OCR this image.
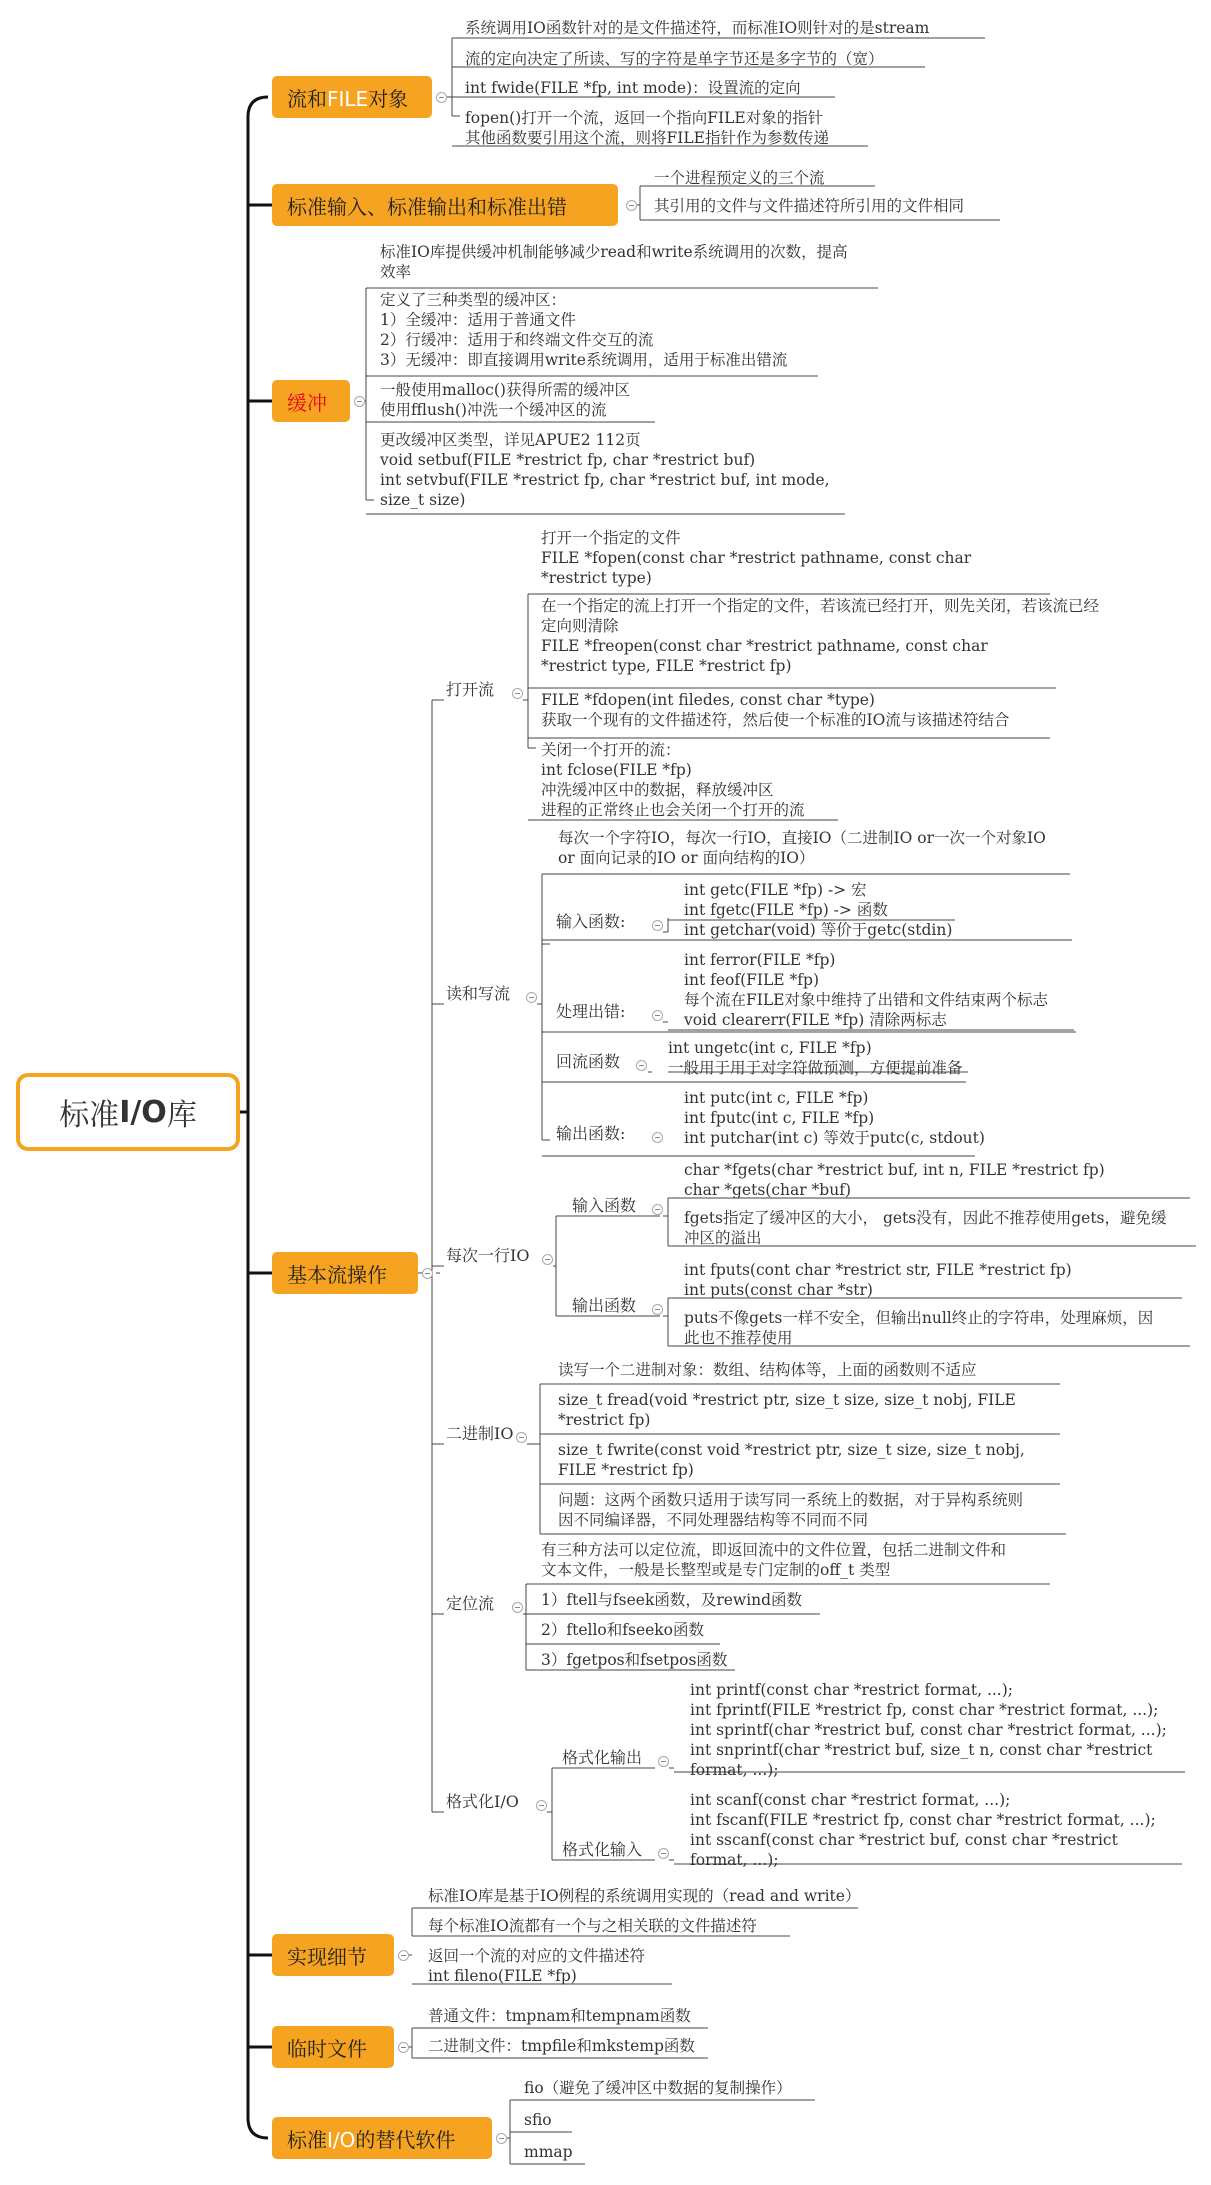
标准 I/O 库
流和FILE对象
标准输入、标准输出和标准出错
缓冲
基本流操作
实现细节
临时文件
标准I/O的替代软件
打开流
读和写流
每次一行IO
二进制IO
定位流
格式化I/O
输入函数:
处理出错:
回流函数
输出函数:
输入函数
输出函数
格式化输出
格式化输入

系统调用IO函数针对的是文件描述符，而标准IO则针对的是stream

流的定向决定了所读、写的字符是单字节还是多字节的（宽）

int fwide(FILE *fp, int mode)：设置流的定向

fopen()打开一个流，返回一个指向FILE对象的指针
其他函数要引用这个流，则将FILE指针作为参数传递

一个进程预定义的三个流

其引用的文件与文件描述符所引用的文件相同

标准IO库提供缓冲机制能够减少read和write系统调用的次数，提高
效率

定义了三种类型的缓冲区：
1）全缓冲：适用于普通文件
2）行缓冲：适用于和终端文件交互的流
3）无缓冲：即直接调用write系统调用，适用于标准出错流

一般使用malloc()获得所需的缓冲区
使用fflush()冲洗一个缓冲区的流

更改缓冲区类型，详见APUE2 112页
void setbuf(FILE *restrict fp, char *restrict buf)
int setvbuf(FILE *restrict fp, char *restrict buf, int mode,
size_t size)

打开一个指定的文件
FILE *fopen(const char *restrict pathname, const char
*restrict type)

在一个指定的流上打开一个指定的文件，若该流已经打开，则先关闭，若该流已经
定向则清除
FILE *freopen(const char *restrict pathname, const char
*restrict type, FILE *restrict fp)

FILE *fdopen(int filedes, const char *type)
获取一个现有的文件描述符，然后使一个标准的IO流与该描述符结合

关闭一个打开的流：
int fclose(FILE *fp)
冲洗缓冲区中的数据，释放缓冲区
进程的正常终止也会关闭一个打开的流

每次一个字符IO，每次一行IO，直接IO（二进制IO or一次一个对象IO
or 面向记录的IO or 面向结构的IO）

int getc(FILE *fp) -> 宏
int fgetc(FILE *fp) -> 函数
int getchar(void) 等价于getc(stdin)

int ferror(FILE *fp)
int feof(FILE *fp)
每个流在FILE对象中维持了出错和文件结束两个标志
void clearerr(FILE *fp) 清除两标志

int ungetc(int c, FILE *fp)
一般用于用于对字符做预测，方便提前准备

int putc(int c, FILE *fp)
int fputc(int c, FILE *fp)
int putchar(int c) 等效于putc(c, stdout)

char *fgets(char *restrict buf, int n, FILE *restrict fp)
char *gets(char *buf)

fgets指定了缓冲区的大小， gets没有，因此不推荐使用gets，避免缓
冲区的溢出

int fputs(cont char *restrict str, FILE *restrict fp)
int puts(const char *str)

puts不像gets一样不安全，但输出null终止的字符串，处理麻烦，因
此也不推荐使用

读写一个二进制对象：数组、结构体等，上面的函数则不适应

size_t fread(void *restrict ptr, size_t size, size_t nobj, FILE
*restrict fp)

size_t fwrite(const void *restrict ptr, size_t size, size_t nobj,
FILE *restrict fp)

问题：这两个函数只适用于读写同一系统上的数据，对于异构系统则
因不同编译器，不同处理器结构等不同而不同

有三种方法可以定位流，即返回流中的文件位置，包括二进制文件和
文本文件，一般是长整型或是专门定制的off_t 类型

1）ftell与fseek函数，及rewind函数

2）ftello和fseeko函数

3）fgetpos和fsetpos函数

int printf(const char *restrict format, ...);
int fprintf(FILE *restrict fp, const char *restrict format, ...);
int sprintf(char *restrict buf, const char *restrict format, ...);
int snprintf(char *restrict buf, size_t n, const char *restrict
format, ...);

int scanf(const char *restrict format, ...);
int fscanf(FILE *restrict fp, const char *restrict format, ...);
int sscanf(const char *restrict buf, const char *restrict
format, ...);

标准IO库是基于IO例程的系统调用实现的（read and write）

每个标准IO流都有一个与之相关联的文件描述符

返回一个流的对应的文件描述符
int fileno(FILE *fp)

普通文件：tmpnam和tempnam函数

二进制文件：tmpfile和mkstemp函数

fio（避免了缓冲区中数据的复制操作）

sfio

mmap
